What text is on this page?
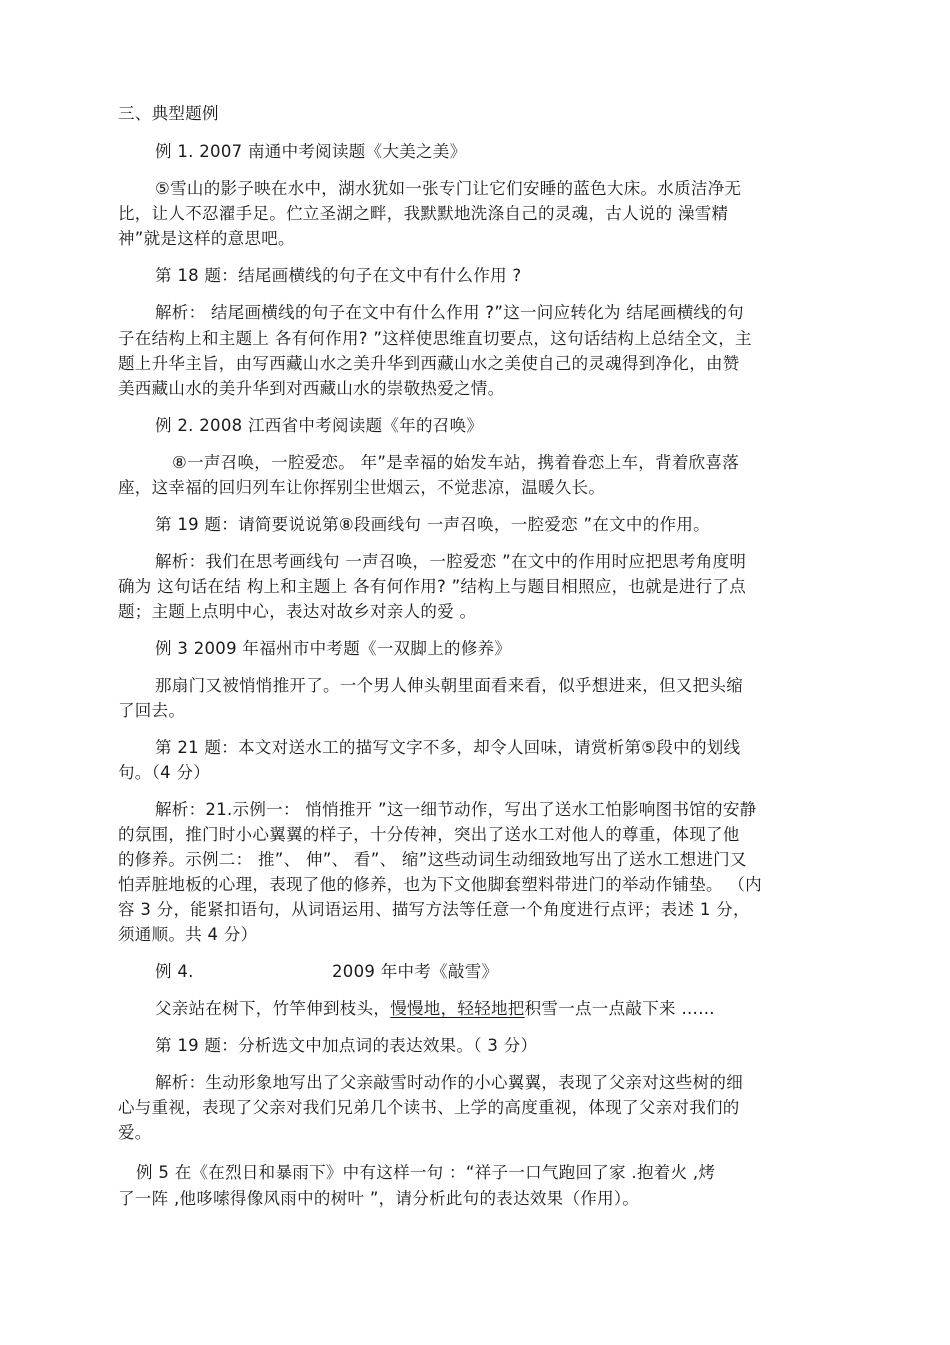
三、典型题例
例 1. 2007 南通中考阅读题《大美之美》
⑤雪山的影子映在水中，湖水犹如一张专门让它们安睡的蓝色大床。水质洁净无
比，让人不忍濯手足。伫立圣湖之畔，我默默地洗涤自己的灵魂，古人说的 澡雪精
神”就是这样的意思吧。
第 18 题：结尾画横线的句子在文中有什么作用 ?
解析： 结尾画横线的句子在文中有什么作用 ?”这一问应转化为 结尾画横线的句
子在结构上和主题上 各有何作用? ”这样使思维直切要点，这句话结构上总结全文，主
题上升华主旨，由写西藏山水之美升华到西藏山水之美使自己的灵魂得到净化，由赞
美西藏山水的美升华到对西藏山水的崇敬热爱之情。
例 2. 2008 江西省中考阅读题《年的召唤》
⑧一声召唤，一腔爱恋。 年”是幸福的始发车站，携着眷恋上车，背着欣喜落
座，这幸福的回归列车让你挥别尘世烟云，不觉悲凉，温暖久长。
第 19 题：请简要说说第⑧段画线句 一声召唤，一腔爱恋 ”在文中的作用。
解析：我们在思考画线句 一声召唤，一腔爱恋 ”在文中的作用时应把思考角度明
确为 这句话在结 构上和主题上 各有何作用? ”结构上与题目相照应，也就是进行了点
题；主题上点明中心，表达对故乡对亲人的爱 。
例 3 2009 年福州市中考题《一双脚上的修养》
那扇门又被悄悄推开了。一个男人伸头朝里面看来看，似乎想进来，但又把头缩
了回去。
第 21 题：本文对送水工的描写文字不多，却令人回味，请赏析第⑤段中的划线
句。（4 分）
解析：21.示例一： 悄悄推开 ”这一细节动作，写出了送水工怕影响图书馆的安静
的氛围，推门时小心翼翼的样子，十分传神，突出了送水工对他人的尊重，体现了他
的修养。示例二： 推”、 伸”、 看”、 缩”这些动词生动细致地写出了送水工想进门又
怕弄脏地板的心理，表现了他的修养，也为下文他脚套塑料带进门的举动作铺垫。 （内
容 3 分，能紧扣语句，从词语运用、描写方法等任意一个角度进行点评；表述 1 分，
须通顺。共 4 分）
例 4.	2009 年中考《敲雪》
父亲站在树下，竹竿伸到枝头，慢慢地，轻轻地把积雪一点一点敲下来 ……
第 19 题：分析选文中加点词的表达效果。（ 3 分）
解析：生动形象地写出了父亲敲雪时动作的小心翼翼，表现了父亲对这些树的细
心与重视，表现了父亲对我们兄弟几个读书、上学的高度重视，体现了父亲对我们的
爱。
例 5 在《在烈日和暴雨下》中有这样一句 ：“祥子一口气跑回了家 .抱着火 ,烤
了一阵 ,他哆嗦得像风雨中的树叶 ”，请分析此句的表达效果（作用）。
